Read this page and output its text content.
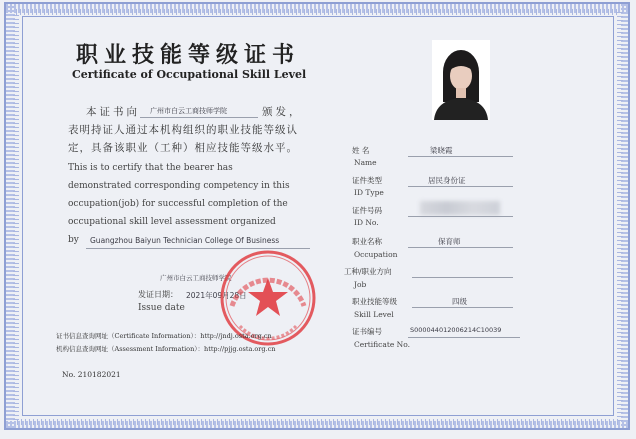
职业技能等级证书
Certificate of Occupational Skill Level
本证书向 广州市白云工商技师学院	颁发，
表明持证人通过本机构组织的职业技能等级认
定，具备该职业（工种）相应技能等级水平。
This is to certify that the bearer has
demonstrated corresponding competency in this
occupation(job) for successful completion of the
occupational skill level assessment organized
by Guangzhou Baiyun Technician College Of Business
广州市白云工商技师学院
发证日期： 2021年09月28日
Issue date
证书信息查询网址（Certificate Information）：http://jndj.osta.org.cn
机构信息查询网址（Assessment Information）：http://pjjg.osta.org.cn
No. 210182021
姓 名
Name
梁晓霞
证件类型
ID Type
居民身份证
证件号码
ID No.
职业名称
Occupation
保育师
工种/职业方向
Job
职业技能等级
Skill Level
四级
证书编号
Certificate No.
S000044012006214C10039
